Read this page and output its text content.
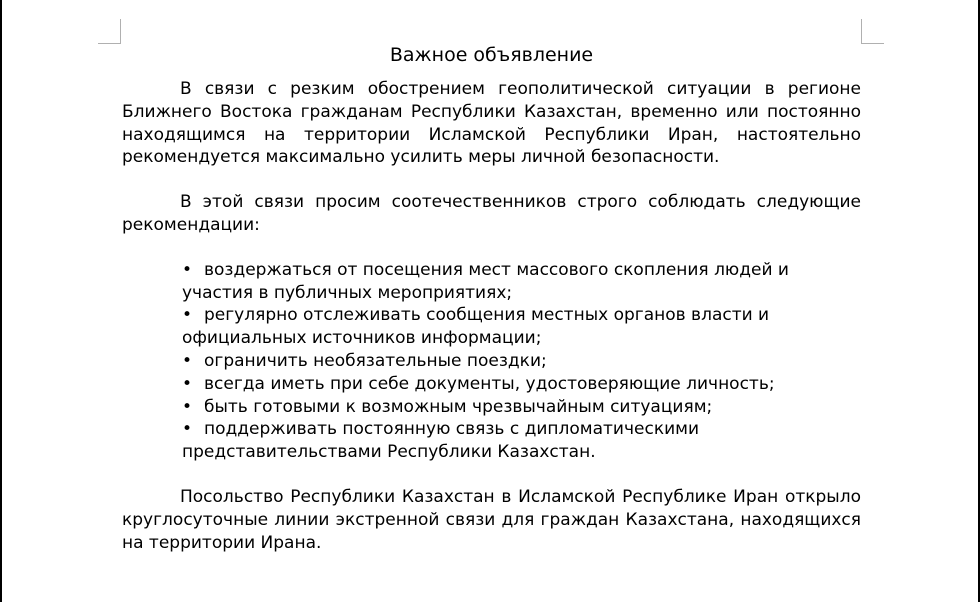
Важное объявление

В связи с резким обострением геополитической ситуации в регионе Ближнего Востока гражданам Республики Казахстан, временно или постоянно находящимся на территории Исламской Республики Иран, настоятельно рекомендуется максимально усилить меры личной безопасности.

В этой связи просим соотечественников строго соблюдать следующие рекомендации:

• воздержаться от посещения мест массового скопления людей и участия в публичных мероприятиях;
• регулярно отслеживать сообщения местных органов власти и официальных источников информации;
• ограничить необязательные поездки;
• всегда иметь при себе документы, удостоверяющие личность;
• быть готовыми к возможным чрезвычайным ситуациям;
• поддерживать постоянную связь с дипломатическими представительствами Республики Казахстан.

Посольство Республики Казахстан в Исламской Республике Иран открыло круглосуточные линии экстренной связи для граждан Казахстана, находящихся на территории Ирана.
